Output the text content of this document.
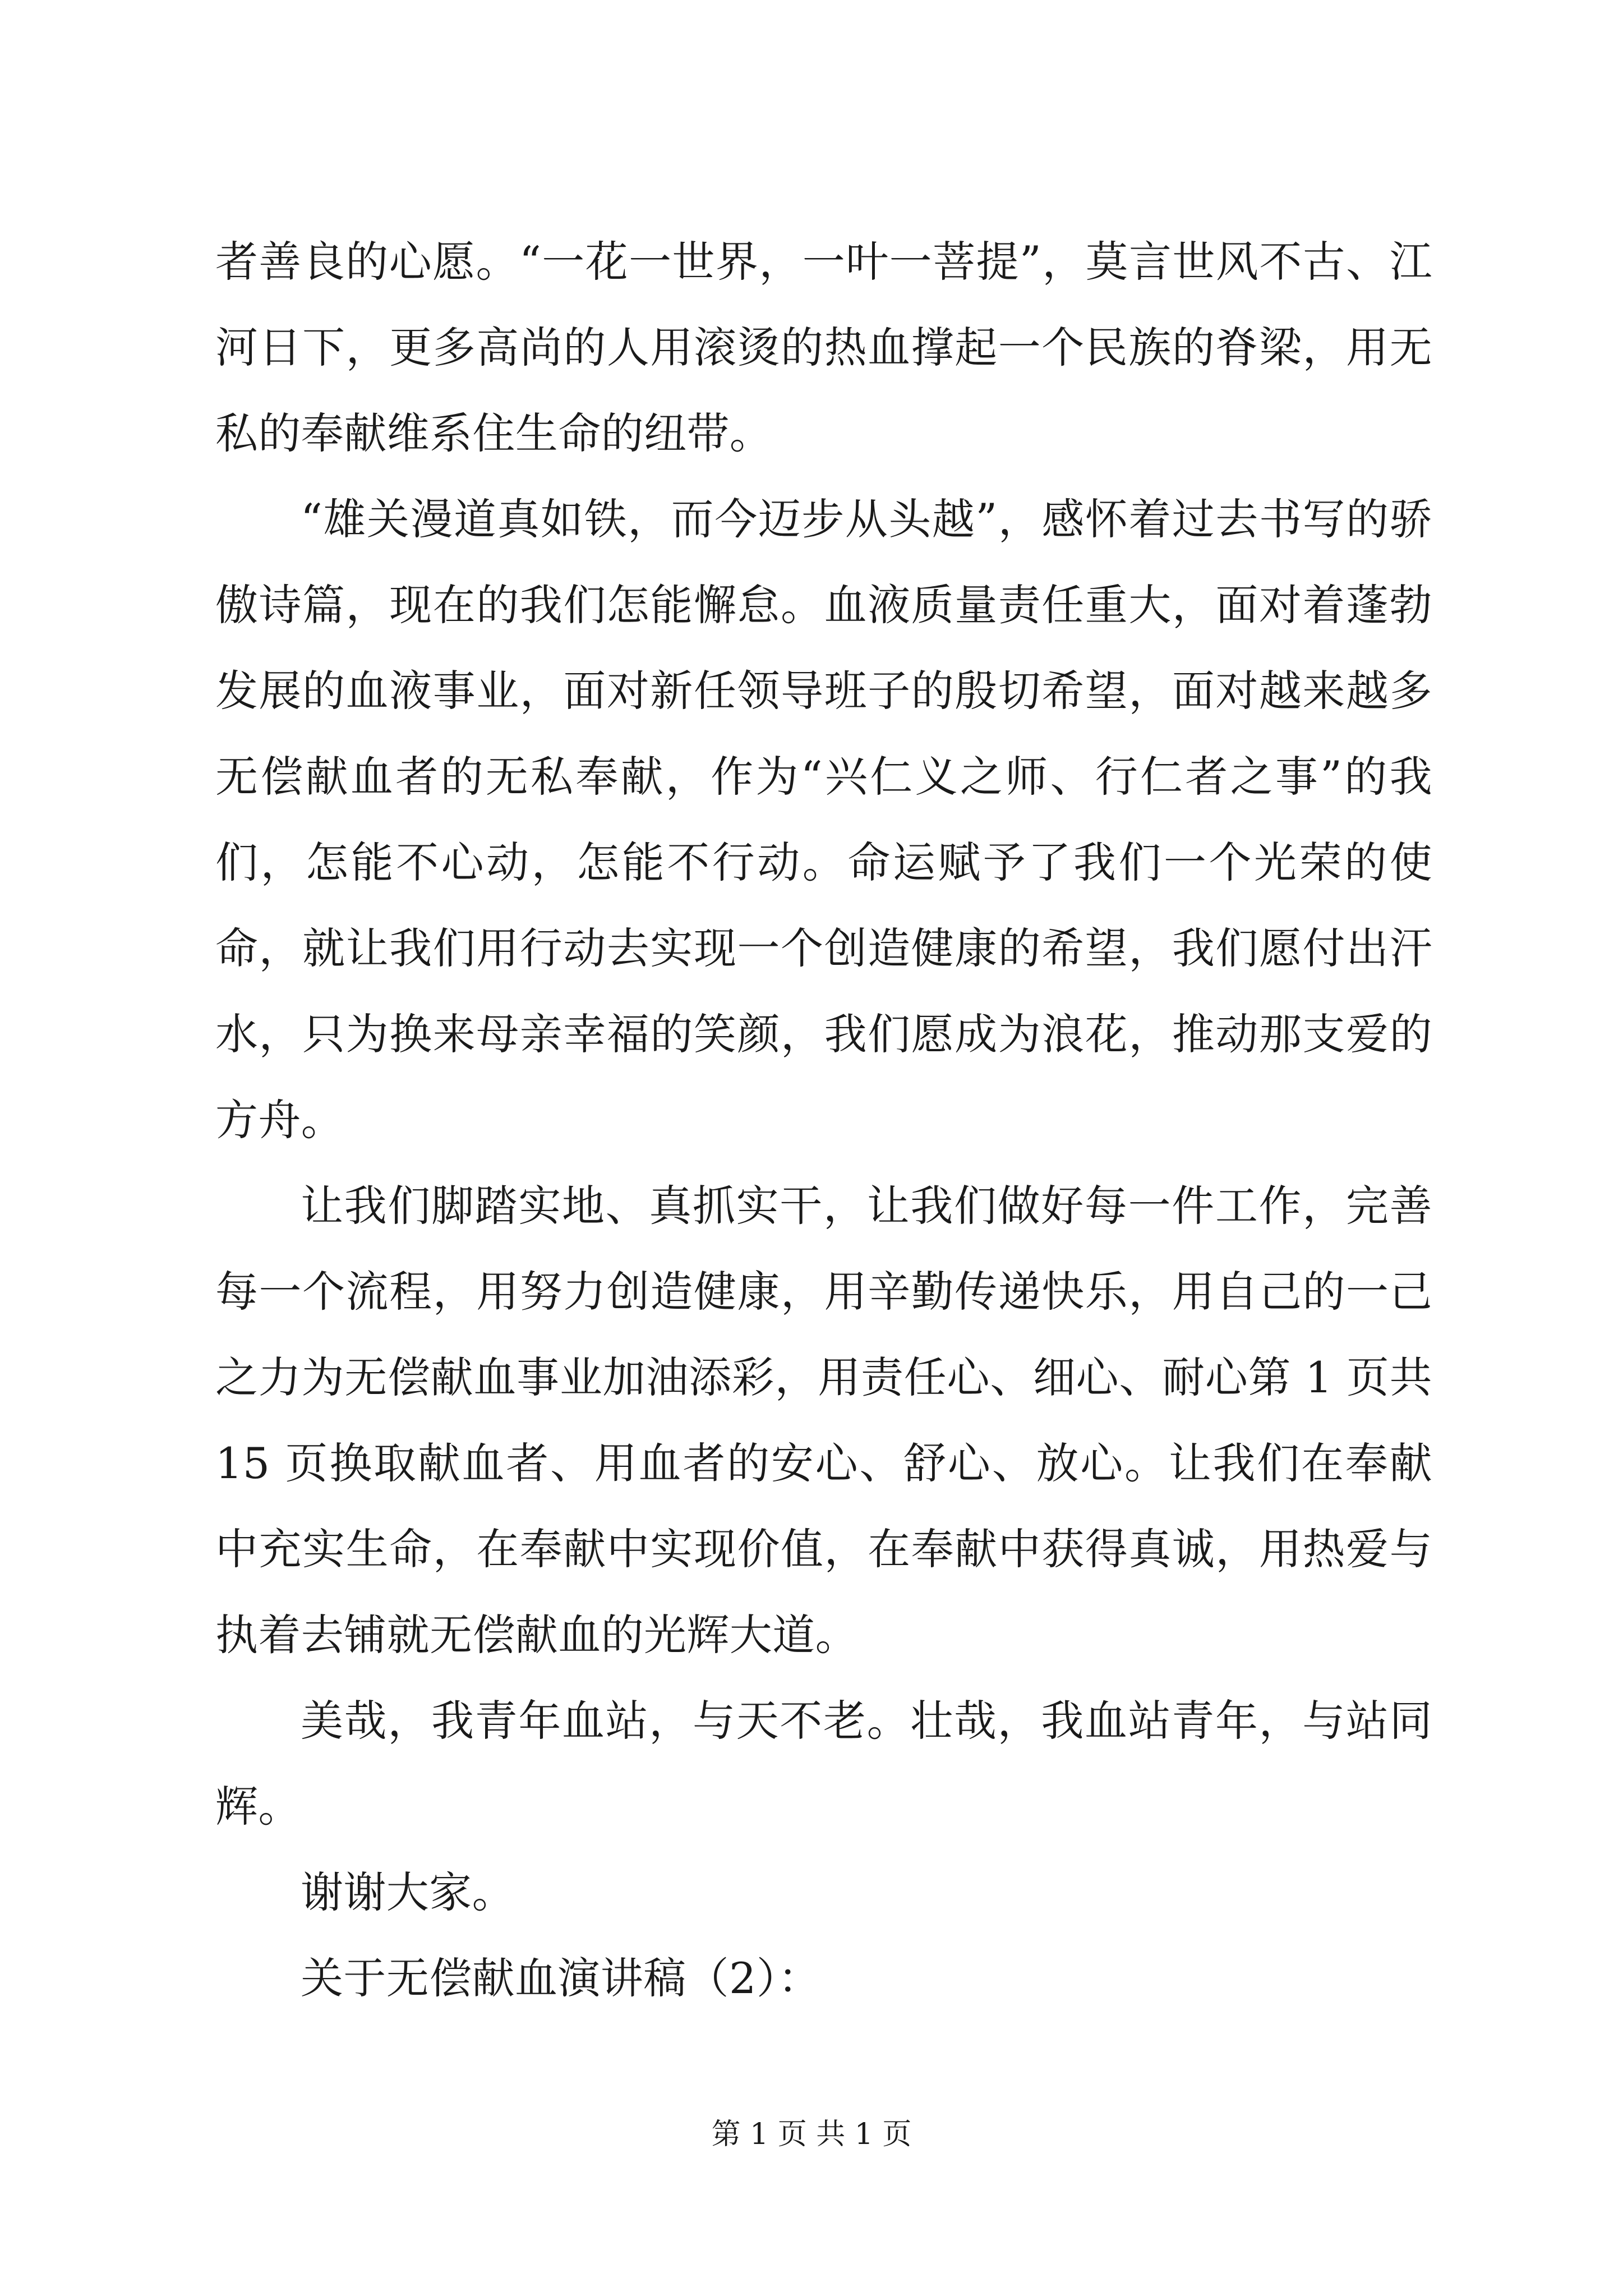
者善良的心愿。“一花一世界，一叶一菩提”，莫言世风不古、江河日下，更多高尚的人用滚烫的热血撑起一个民族的脊梁，用无私的奉献维系住生命的纽带。

“雄关漫道真如铁，而今迈步从头越”，感怀着过去书写的骄傲诗篇，现在的我们怎能懈怠。血液质量责任重大，面对着蓬勃发展的血液事业，面对新任领导班子的殷切希望，面对越来越多无偿献血者的无私奉献，作为“兴仁义之师、行仁者之事”的我们，怎能不心动，怎能不行动。命运赋予了我们一个光荣的使命，就让我们用行动去实现一个创造健康的希望，我们愿付出汗水，只为换来母亲幸福的笑颜，我们愿成为浪花，推动那支爱的方舟。

让我们脚踏实地、真抓实干，让我们做好每一件工作，完善每一个流程，用努力创造健康，用辛勤传递快乐，用自己的一己之力为无偿献血事业加油添彩，用责任心、细心、耐心第 1 页共 15 页换取献血者、用血者的安心、舒心、放心。让我们在奉献中充实生命，在奉献中实现价值，在奉献中获得真诚，用热爱与执着去铺就无偿献血的光辉大道。

美哉，我青年血站，与天不老。壮哉，我血站青年，与站同辉。

谢谢大家。

关于无偿献血演讲稿（2）：

第 1 页 共 1 页
